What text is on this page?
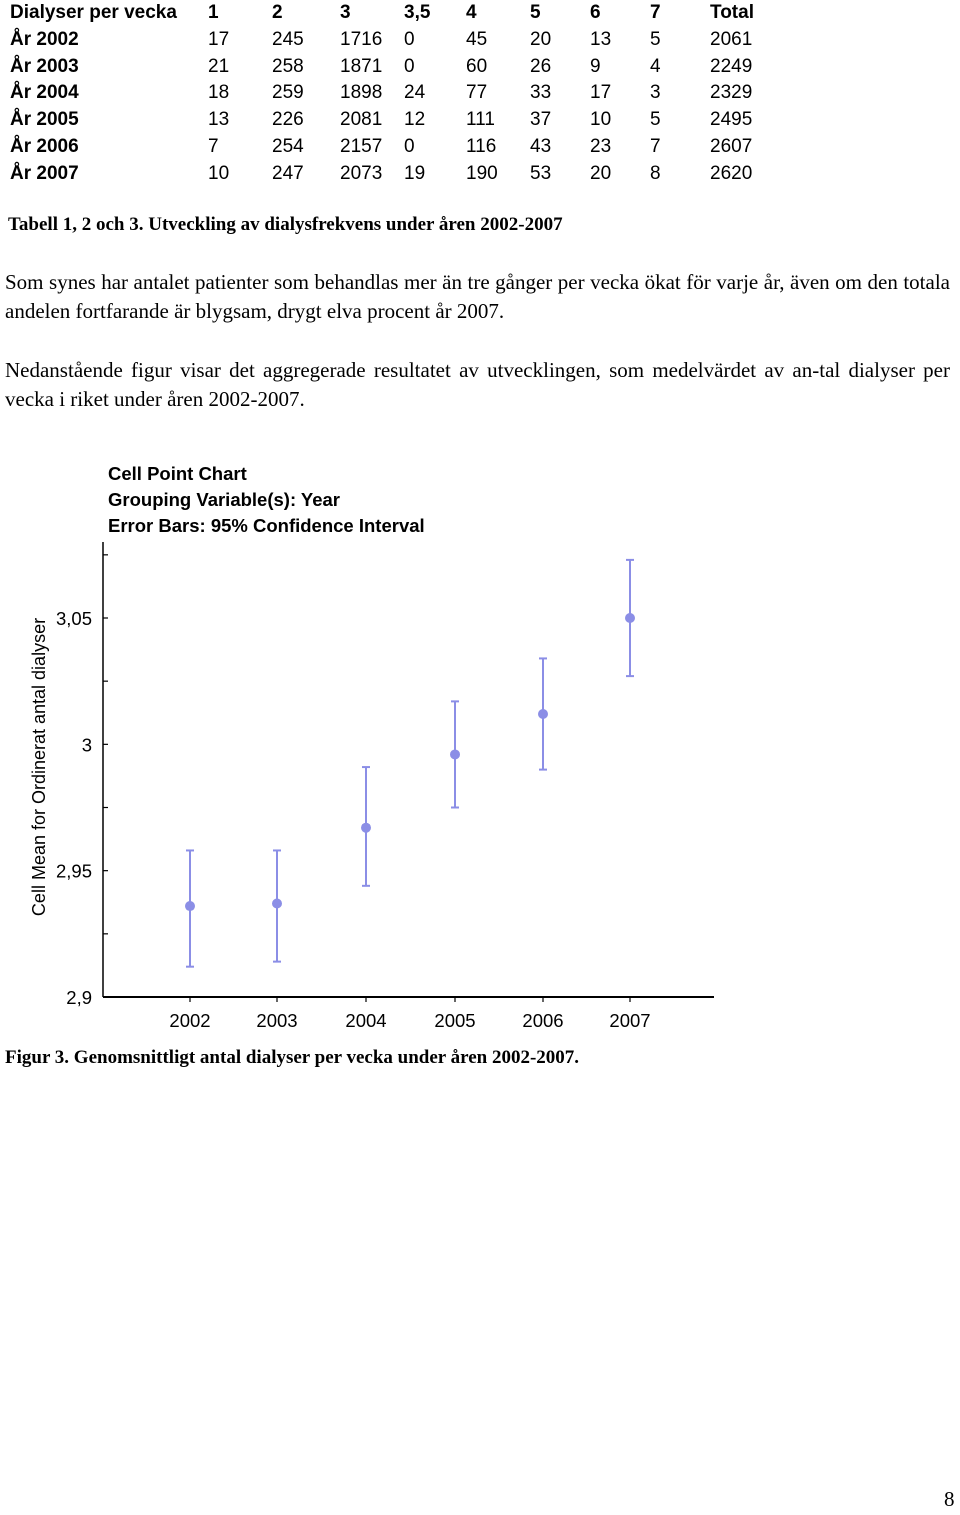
Dialyser per vecka	1	2	3	3,5	4	5	6	7	Total
År 2002	17	245	1716	0	45	20	13	5	2061
År 2003	21	258	1871	0	60	26	9	4	2249
År 2004	18	259	1898	24	77	33	17	3	2329
År 2005	13	226	2081	12	111	37	10	5	2495
År 2006	7	254	2157	0	116	43	23	7	2607
År 2007	10	247	2073	19	190	53	20	8	2620
Tabell 1, 2 och 3. Utveckling av dialysfrekvens under åren 2002-2007

Som synes har antalet patienter som behandlas mer än tre gånger per vecka ökat för varje år, även om den totala andelen fortfarande är blygsam, drygt elva procent år 2007.

Nedanstående figur visar det aggregerade resultatet av utvecklingen, som medelvärdet av an-tal dialyser per vecka i riket under åren 2002-2007.

Cell Point Chart
Grouping Variable(s): Year
Error Bars: 95% Confidence Interval
2,9
2,95
3
3,05
2002 2003	2004	2005	2006 2007
Cell Mean for Ordinerat antal dialyser
Figur 3. Genomsnittligt antal dialyser per vecka under åren 2002-2007.
8
